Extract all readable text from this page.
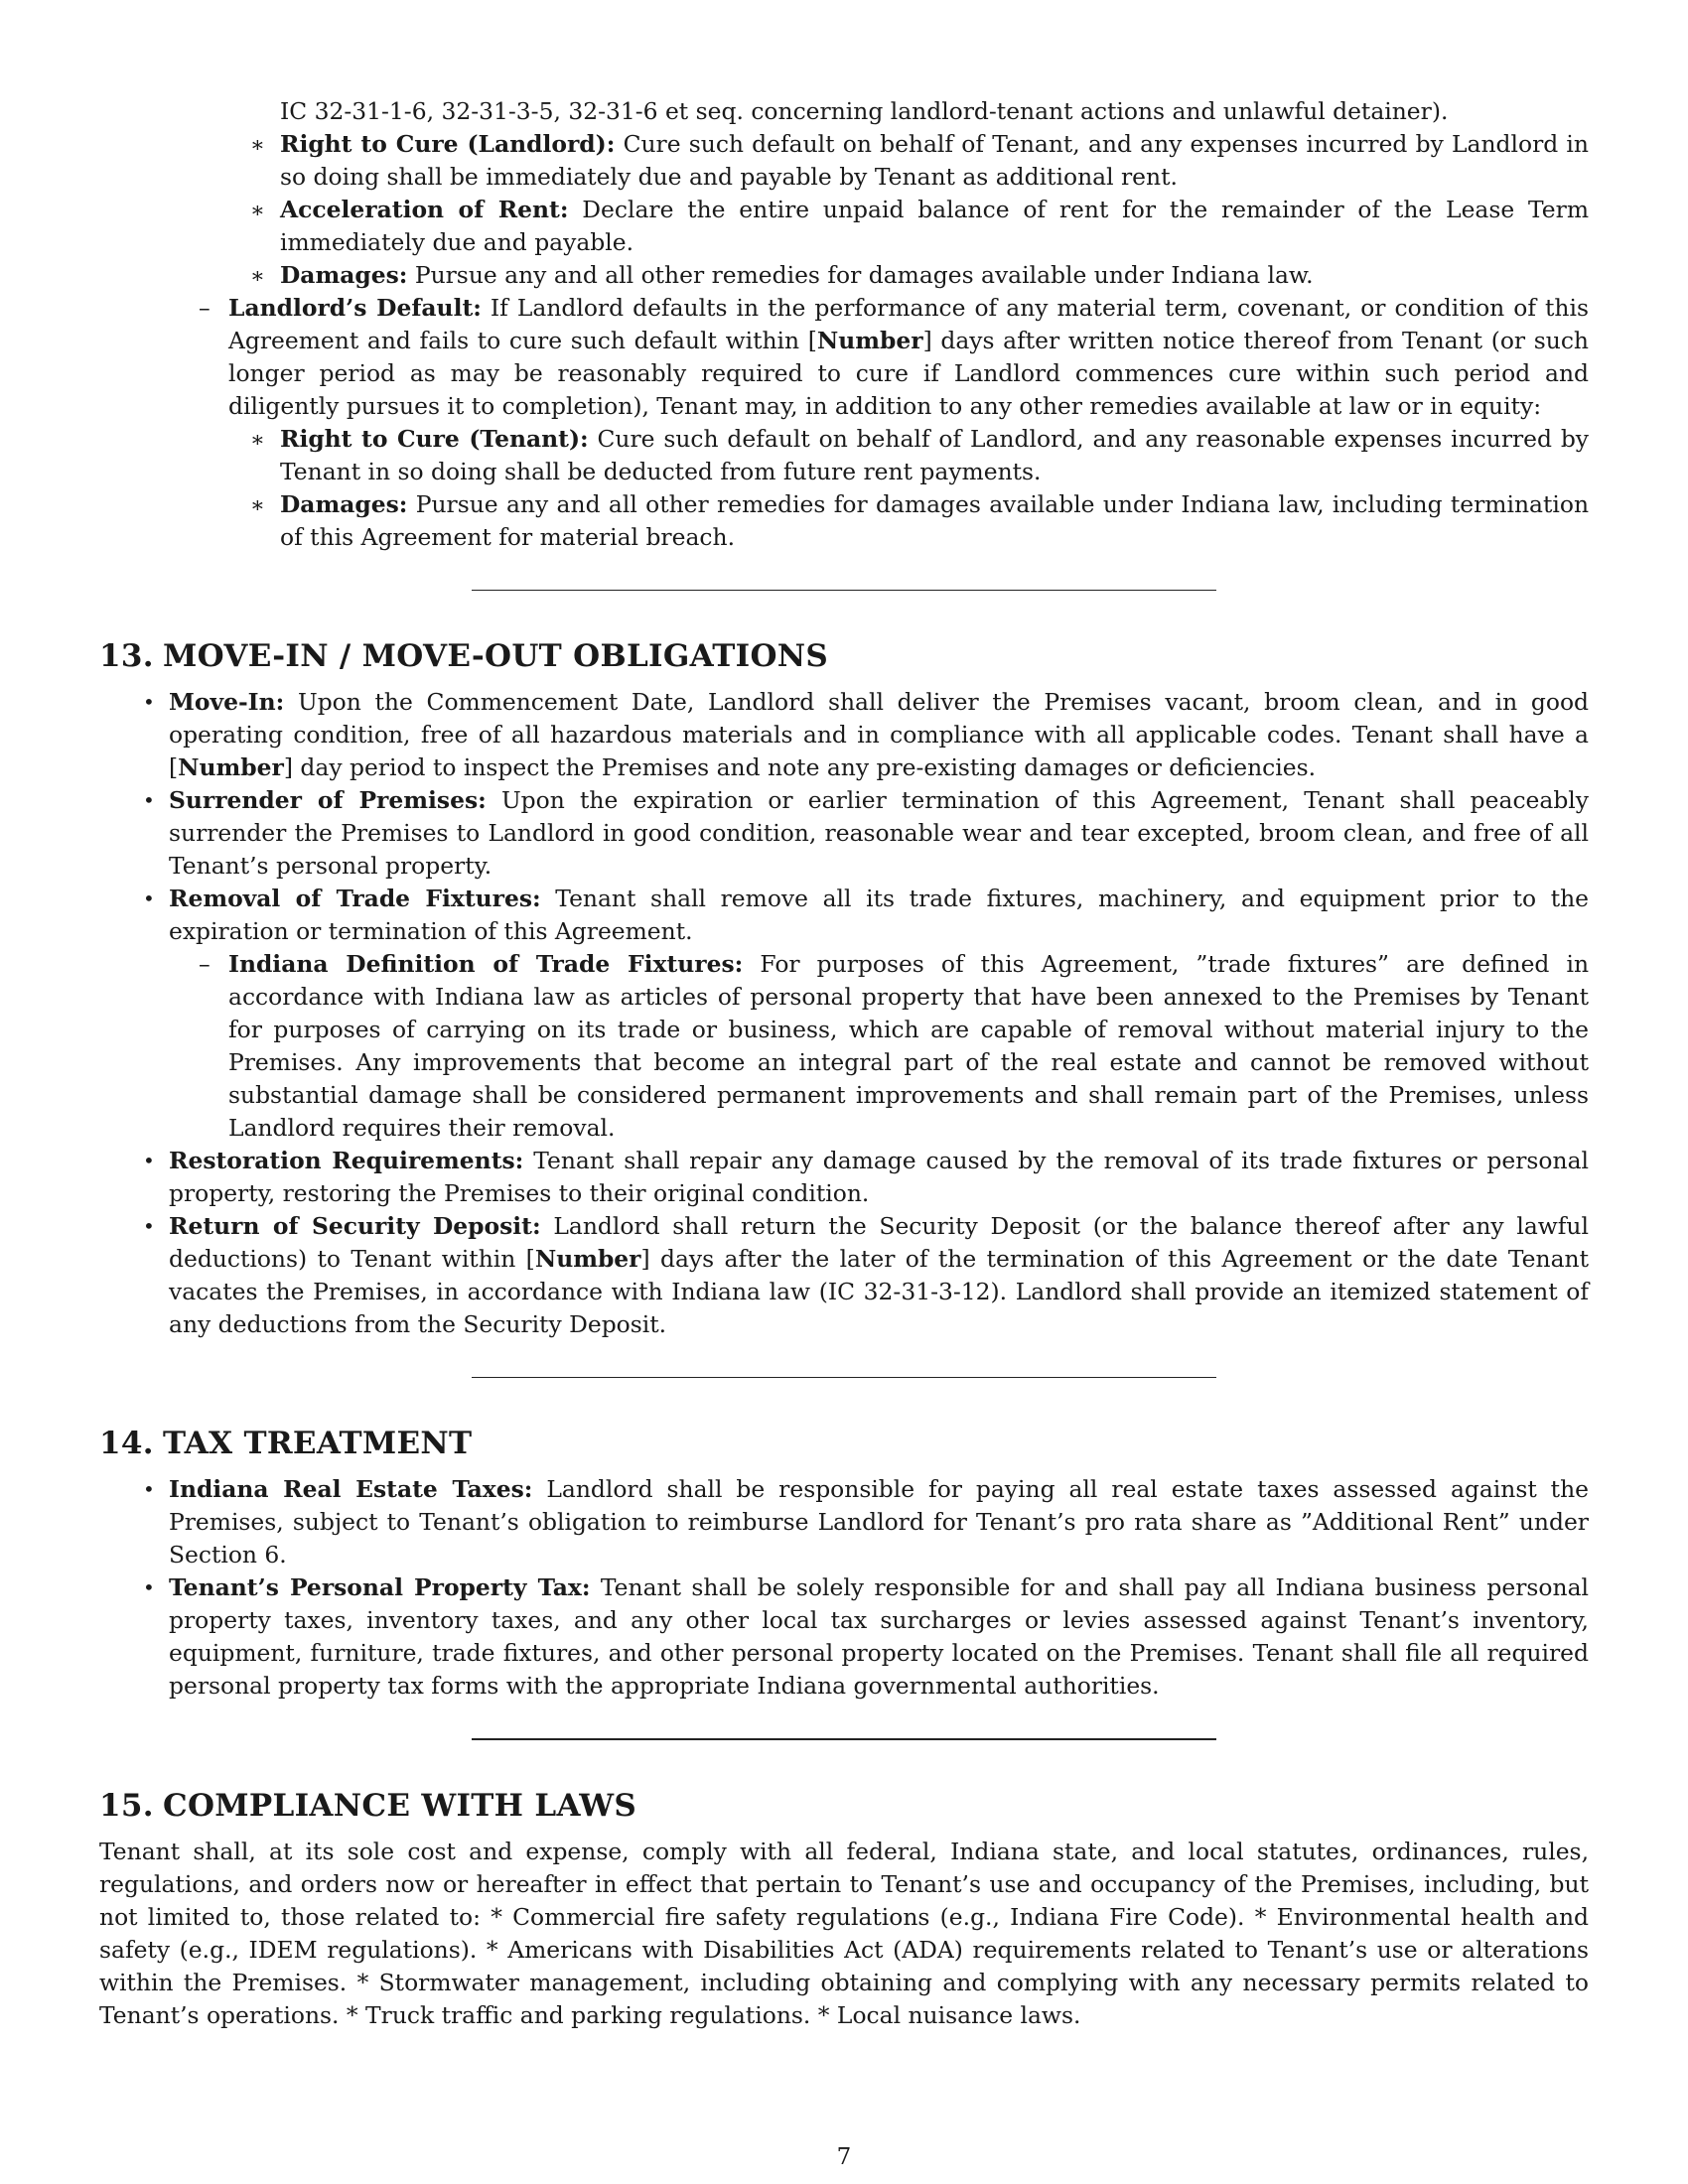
IC 32-31-1-6, 32-31-3-5, 32-31-6 et seq. concerning landlord-tenant actions and unlawful detainer).

∗ Right to Cure (Landlord): Cure such default on behalf of Tenant, and any expenses incurred by Landlord in so doing shall be immediately due and payable by Tenant as additional rent.
∗ Acceleration of Rent: Declare the entire unpaid balance of rent for the remainder of the Lease Term immediately due and payable.
∗ Damages: Pursue any and all other remedies for damages available under Indiana law.
– Landlord’s Default: If Landlord defaults in the performance of any material term, covenant, or condition of this Agreement and fails to cure such default within [Number] days after written notice thereof from Tenant (or such longer period as may be reasonably required to cure if Landlord commences cure within such period and diligently pursues it to completion), Tenant may, in addition to any other remedies available at law or in equity:
∗ Right to Cure (Tenant): Cure such default on behalf of Landlord, and any reasonable expenses incurred by Tenant in so doing shall be deducted from future rent payments.
∗ Damages: Pursue any and all other remedies for damages available under Indiana law, including termination of this Agreement for material breach.
13. MOVE-IN / MOVE-OUT OBLIGATIONS
• Move-In: Upon the Commencement Date, Landlord shall deliver the Premises vacant, broom clean, and in good operating condition, free of all hazardous materials and in compliance with all applicable codes. Tenant shall have a [Number] day period to inspect the Premises and note any pre-existing damages or deficiencies.
• Surrender of Premises: Upon the expiration or earlier termination of this Agreement, Tenant shall peaceably surrender the Premises to Landlord in good condition, reasonable wear and tear excepted, broom clean, and free of all Tenant’s personal property.
• Removal of Trade Fixtures: Tenant shall remove all its trade fixtures, machinery, and equipment prior to the expiration or termination of this Agreement.
– Indiana Definition of Trade Fixtures: For purposes of this Agreement, ”trade fixtures” are defined in accordance with Indiana law as articles of personal property that have been annexed to the Premises by Tenant for purposes of carrying on its trade or business, which are capable of removal without material injury to the Premises. Any improvements that become an integral part of the real estate and cannot be removed without substantial damage shall be considered permanent improvements and shall remain part of the Premises, unless Landlord requires their removal.
• Restoration Requirements: Tenant shall repair any damage caused by the removal of its trade fixtures or personal property, restoring the Premises to their original condition.
• Return of Security Deposit: Landlord shall return the Security Deposit (or the balance thereof after any lawful deductions) to Tenant within [Number] days after the later of the termination of this Agreement or the date Tenant vacates the Premises, in accordance with Indiana law (IC 32-31-3-12). Landlord shall provide an itemized statement of any deductions from the Security Deposit.
14. TAX TREATMENT
• Indiana Real Estate Taxes: Landlord shall be responsible for paying all real estate taxes assessed against the Premises, subject to Tenant’s obligation to reimburse Landlord for Tenant’s pro rata share as ”Additional Rent” under Section 6.
• Tenant’s Personal Property Tax: Tenant shall be solely responsible for and shall pay all Indiana business personal property taxes, inventory taxes, and any other local tax surcharges or levies assessed against Tenant’s inventory, equipment, furniture, trade fixtures, and other personal property located on the Premises. Tenant shall file all required personal property tax forms with the appropriate Indiana governmental authorities.
15. COMPLIANCE WITH LAWS

Tenant shall, at its sole cost and expense, comply with all federal, Indiana state, and local statutes, ordinances, rules, regulations, and orders now or hereafter in effect that pertain to Tenant’s use and occupancy of the Premises, including, but not limited to, those related to: * Commercial fire safety regulations (e.g., Indiana Fire Code). * Environmental health and safety (e.g., IDEM regulations). * Americans with Disabilities Act (ADA) requirements related to Tenant’s use or alterations within the Premises. * Stormwater management, including obtaining and complying with any necessary permits related to Tenant’s operations. * Truck traffic and parking regulations. * Local nuisance laws.

7
